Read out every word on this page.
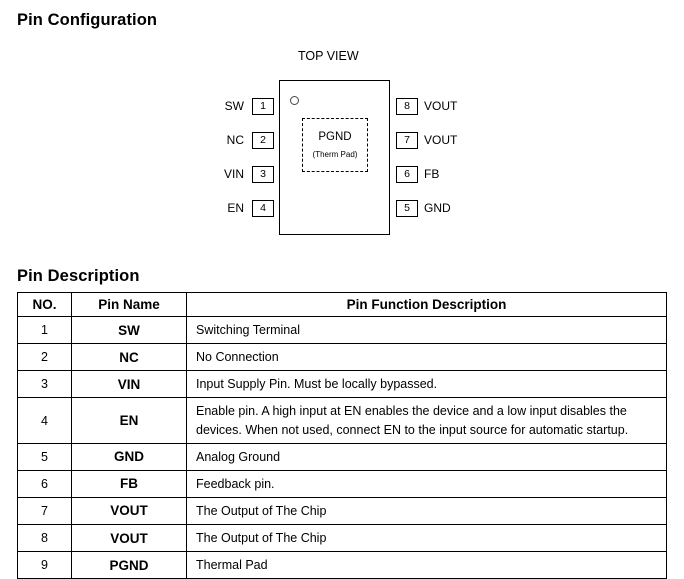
Pin Configuration
TOP VIEW
PGND
(Therm Pad)
SW	1
NC	2
VIN	3
EN	4
8	VOUT
7	VOUT
6	FB
5	GND
Pin Description
NO.	Pin Name	Pin Function Description
1	SW	Switching Terminal
2	NC	No Connection
3	VIN	Input Supply Pin. Must be locally bypassed.
4	EN	Enable pin. A high input at EN enables the device and a low input disables the devices. When not used, connect EN to the input source for automatic startup.
5	GND	Analog Ground
6	FB	Feedback pin.
7	VOUT	The Output of The Chip
8	VOUT	The Output of The Chip
9	PGND	Thermal Pad
